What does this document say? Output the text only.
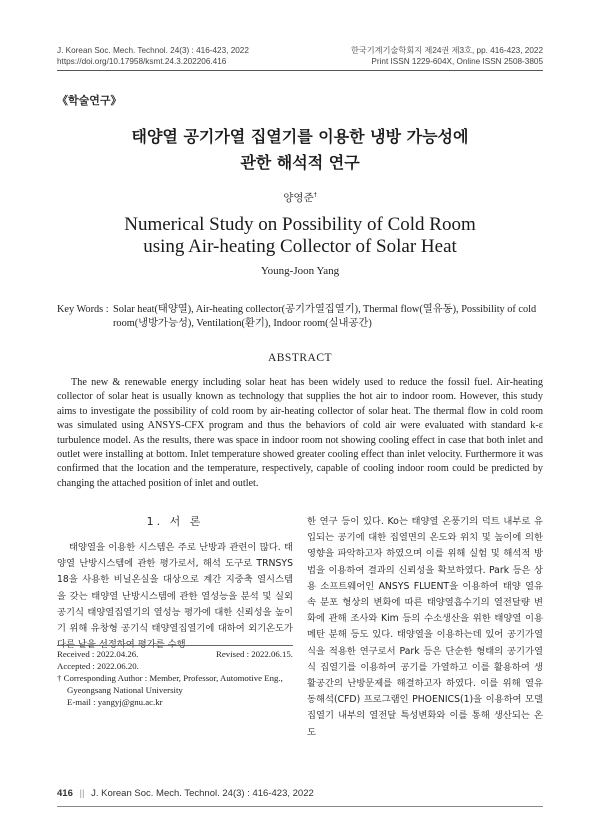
J. Korean Soc. Mech. Technol. 24(3) : 416-423, 2022
https://doi.org/10.17958/ksmt.24.3.202206.416
한국기계기술학회지 제24권 제3호, pp. 416-423, 2022
Print ISSN 1229-604X, Online ISSN 2508-3805
《학술연구》
태양열 공기가열 집열기를 이용한 냉방 가능성에
관한 해석적 연구
양영준†
Numerical Study on Possibility of Cold Room
using Air-heating Collector of Solar Heat
Young-Joon Yang
Key Words : Solar heat(태양열), Air-heating collector(공기가열집열기), Thermal flow(열유동), Possibility of cold
room(냉방가능성), Ventilation(환기), Indoor room(실내공간)
ABSTRACT
The new & renewable energy including solar heat has been widely used to reduce the fossil fuel. Air-heating collector of solar heat is usually known as technology that supplies the hot air to indoor room. However, this study aims to investigate the possibility of cold room by air-heating collector of solar heat. The thermal flow in cold room was simulated using ANSYS-CFX program and thus the behaviors of cold air were evaluated with standard k-ε turbulence model. As the results, there was space in indoor room not showing cooling effect in case that both inlet and outlet were installing at bottom. Inlet temperature showed greater cooling effect than inlet velocity. Furthermore it was confirmed that the location and the temperature, respectively, capable of cooling indoor room could be predicted by changing the attached position of inlet and outlet.
1. 서 론

태양열을 이용한 시스템은 주로 난방과 관련이 많다. 태양열 난방시스템에 관한 평가로서, 해석 도구로 TRNSYS 18을 사용한 비닐온실을 대상으로 계간 지중축 열시스템을 갖는 태양열 난방시스템에 관한 열성능을 분석 및 실외 공기식 태양열집열기의 열성능 평가에 대한 신뢰성을 높이기 위해 유창형 공기식 태양열집열기에 대하여 외기온도가 다른 날을 선정하여 평가를 수행

Received : 2022.04.26.	Revised : 2022.06.15.
Accepted : 2022.06.20.
† Corresponding Author : Member, Professor, Automotive Eng.,
Gyeongsang National University
E-mail : yangyj@gnu.ac.kr
한 연구 등이 있다. Ko는 태양열 온풍기의 덕트 내부로 유입되는 공기에 대한 집열면의 온도와 위치 및 높이에 의한 영향을 파악하고자 하였으며 이를 위해 실험 및 해석적 방법을 이용하여 결과의 신뢰성을 확보하였다. Park 등은 상용 소프트웨어인 ANSYS FLUENT을 이용하여 태양 열유속 분포 형상의 변화에 따른 태양열흡수기의 열전달량 변화에 관해 조사와 Kim 등의 수소생산을 위한 태양열 이용 메탄 분해 등도 있다. 태양열을 이용하는데 있어 공기가열식을 적용한 연구로서 Park 등은 단순한 형태의 공기가열식 집열기를 이용하여 공기를 가열하고 이를 활용하여 생활공간의 난방문제를 해결하고자 하였다. 이를 위해 열유동해석(CFD) 프로그램인 PHOENICS(1)을 이용하여 모델 집열기 내부의 열전달 특성변화와 이를 통해 생산되는 온도
416 || J. Korean Soc. Mech. Technol. 24(3) : 416-423, 2022
